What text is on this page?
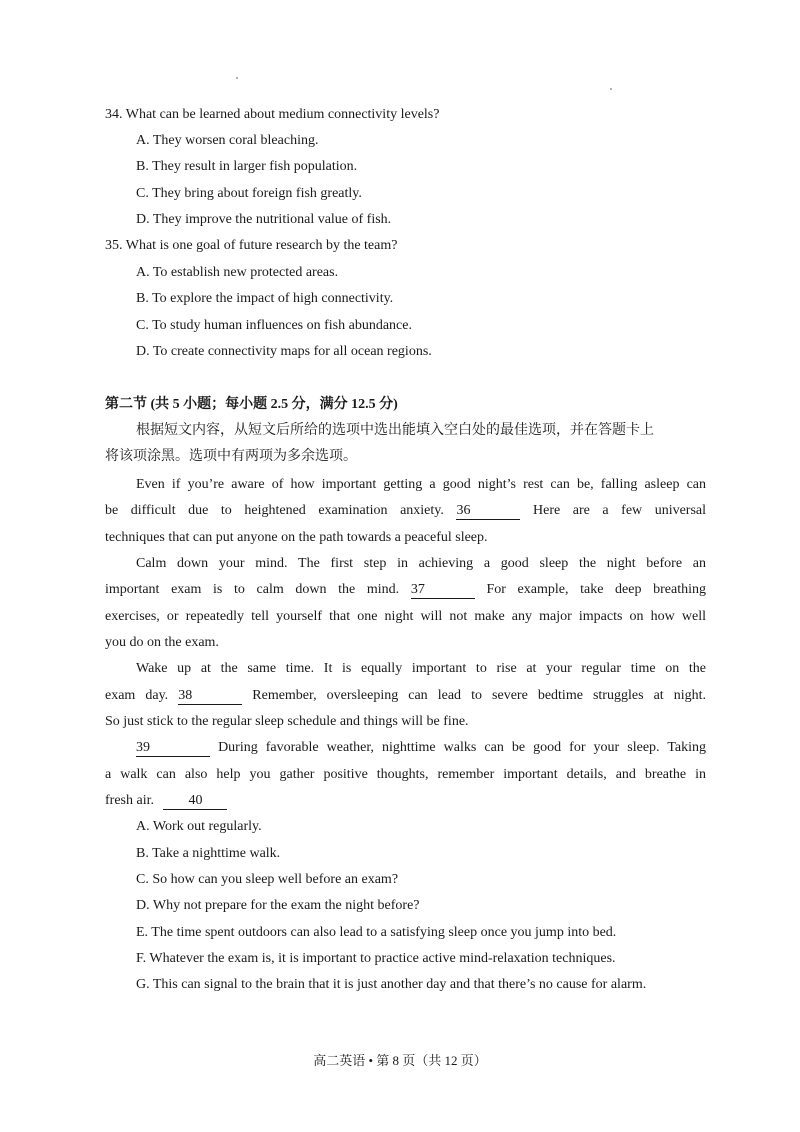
34. What can be learned about medium connectivity levels?
A. They worsen coral bleaching.
B. They result in larger fish population.
C. They bring about foreign fish greatly.
D. They improve the nutritional value of fish.
35. What is one goal of future research by the team?
A. To establish new protected areas.
B. To explore the impact of high connectivity.
C. To study human influences on fish abundance.
D. To create connectivity maps for all ocean regions.
第二节 (共 5 小题；每小题 2.5 分，满分 12.5 分)
根据短文内容，从短文后所给的选项中选出能填入空白处的最佳选项，并在答题卡上
将该项涂黑。选项中有两项为多余选项。
Even if you’re aware of how important getting a good night’s rest can be, falling asleep can
be difficult due to heightened examination anxiety. 36	Here are a few universal
techniques that can put anyone on the path towards a peaceful sleep.
Calm down your mind. The first step in achieving a good sleep the night before an
important exam is to calm down the mind. 37	For example, take deep breathing
exercises, or repeatedly tell yourself that one night will not make any major impacts on how well
you do on the exam.
Wake up at the same time. It is equally important to rise at your regular time on the
exam day. 38	Remember, oversleeping can lead to severe bedtime struggles at night.
So just stick to the regular sleep schedule and things will be fine.
39	During favorable weather, nighttime walks can be good for your sleep. Taking
a walk can also help you gather positive thoughts, remember important details, and breathe in
fresh air. 40
A. Work out regularly.
B. Take a nighttime walk.
C. So how can you sleep well before an exam?
D. Why not prepare for the exam the night before?
E. The time spent outdoors can also lead to a satisfying sleep once you jump into bed.
F. Whatever the exam is, it is important to practice active mind-relaxation techniques.
G. This can signal to the brain that it is just another day and that there’s no cause for alarm.
高二英语 • 第 8 页（共 12 页）
